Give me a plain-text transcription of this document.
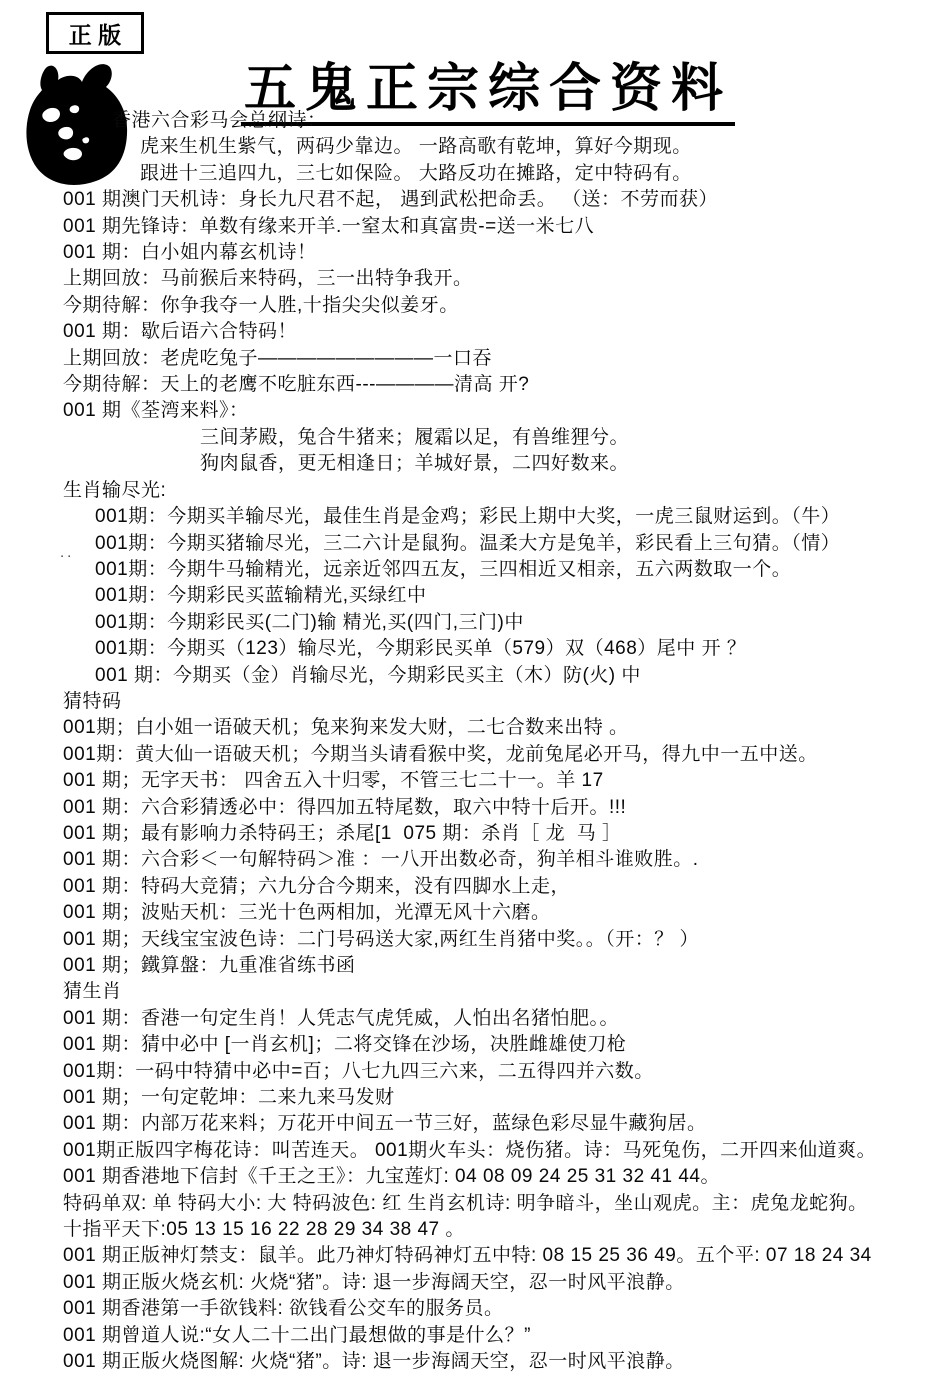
正 版
五鬼正宗综合资料
..
香港六合彩马会总纲诗：
虎来生机生紫气，两码少靠边。 一路高歌有乾坤，算好今期现。
跟进十三追四九，三七如保险。 大路反功在摊路，定中特码有。
001 期澳门天机诗：身长九尺君不起， 遇到武松把命丢。 （送：不劳而获）
001 期先锋诗：单数有缘来开羊.一窒太和真富贵-=送一米七八
001 期：白小姐内幕玄机诗！
上期回放：马前猴后来特码，三一出特争我开。
今期待解：你争我夺一人胜,十指尖尖似姜牙。
001 期：歇后语六合特码！
上期回放：老虎吃兔子—————————一口吞
今期待解：天上的老鹰不吃脏东西---————清高 开?
001 期《荃湾来料》：
三间茅殿，兔合牛猪来；履霜以足，有兽维狸兮。
狗肉鼠香，更无相逢日；羊城好景，二四好数来。
生肖输尽光:
001期：今期买羊输尽光，最佳生肖是金鸡；彩民上期中大奖，一虎三鼠财运到。（牛）
001期：今期买猪输尽光，三二六计是鼠狗。温柔大方是兔羊，彩民看上三句猜。（情）
001期：今期牛马输精光，远亲近邻四五友，三四相近又相亲，五六两数取一个。
001期：今期彩民买蓝输精光,买绿红中
001期：今期彩民买(二门)输 精光,买(四门,三门)中
001期：今期买（123）输尽光，今期彩民买单（579）双（468）尾中 开 ？
001 期：今期买（金）肖输尽光，今期彩民买主（木）防(火) 中
猜特码
001期；白小姐一语破天机；兔来狗来发大财，二七合数来出特 。
001期：黄大仙一语破天机；今期当头请看猴中奖，龙前兔尾必开马，得九中一五中送。
001 期；无字天书： 四舍五入十归零，不管三七二十一。羊 17
001 期：六合彩猜透必中：得四加五特尾数，取六中特十后开。!!!
001 期；最有影响力杀特码王；杀尾[1  075 期：杀肖［ 龙  马 ］
001 期：六合彩＜一句解特码＞准 ：一八开出数必奇，狗羊相斗谁败胜。.
001 期：特码大竞猜；六九分合今期来，没有四脚水上走，
001 期；波贴天机：三光十色两相加，光潭无风十六磨。
001 期；天线宝宝波色诗：二门号码送大家,两红生肖猪中奖。。（开：？ ）
001 期；鐵算盤：九重准省练书函
猜生肖
001 期：香港一句定生肖！人凭志气虎凭威，人怕出名猪怕肥。。
001 期：猜中必中 [一肖玄机]；二将交锋在沙场，决胜雌雄使刀枪
001期：一码中特猜中必中=百；八七九四三六来，二五得四并六数。
001 期；一句定乾坤：二来九来马发财
001 期：内部万花来料；万花开中间五一节三好，蓝绿色彩尽显牛藏狗居。
001期正版四字梅花诗：叫苦连天。 001期火车头：烧伤猪。诗：马死兔伤，二开四来仙道爽。
001 期香港地下信封《千王之王》：九宝莲灯: 04 08 09 24 25 31 32 41 44。
特码单双: 单 特码大小: 大 特码波色: 红 生肖玄机诗: 明争暗斗，坐山观虎。主：虎兔龙蛇狗。
十指平天下:05 13 15 16 22 28 29 34 38 47 。
001 期正版神灯禁支：鼠羊。此乃神灯特码神灯五中特: 08 15 25 36 49。五个平: 07 18 24 34
001 期正版火烧玄机: 火烧“猪”。诗: 退一步海阔天空，忍一时风平浪静。
001 期香港第一手欲钱料: 欲钱看公交车的服务员。
001 期曾道人说:“女人二十二出门最想做的事是什么？”
001 期正版火烧图解: 火烧“猪”。诗: 退一步海阔天空，忍一时风平浪静。
